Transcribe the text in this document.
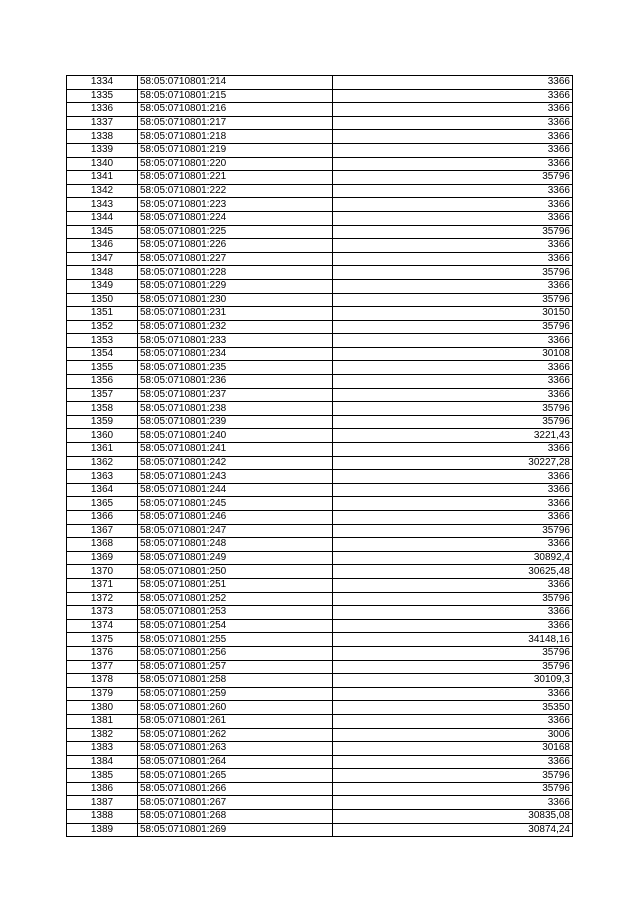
1334	58:05:0710801:214	3366
1335	58:05:0710801:215	3366
1336	58:05:0710801:216	3366
1337	58:05:0710801:217	3366
1338	58:05:0710801:218	3366
1339	58:05:0710801:219	3366
1340	58:05:0710801:220	3366
1341	58:05:0710801:221	35796
1342	58:05:0710801:222	3366
1343	58:05:0710801:223	3366
1344	58:05:0710801:224	3366
1345	58:05:0710801:225	35796
1346	58:05:0710801:226	3366
1347	58:05:0710801:227	3366
1348	58:05:0710801:228	35796
1349	58:05:0710801:229	3366
1350	58:05:0710801:230	35796
1351	58:05:0710801:231	30150
1352	58:05:0710801:232	35796
1353	58:05:0710801:233	3366
1354	58:05:0710801:234	30108
1355	58:05:0710801:235	3366
1356	58:05:0710801:236	3366
1357	58:05:0710801:237	3366
1358	58:05:0710801:238	35796
1359	58:05:0710801:239	35796
1360	58:05:0710801:240	3221,43
1361	58:05:0710801:241	3366
1362	58:05:0710801:242	30227,28
1363	58:05:0710801:243	3366
1364	58:05:0710801:244	3366
1365	58:05:0710801:245	3366
1366	58:05:0710801:246	3366
1367	58:05:0710801:247	35796
1368	58:05:0710801:248	3366
1369	58:05:0710801:249	30892,4
1370	58:05:0710801:250	30625,48
1371	58:05:0710801:251	3366
1372	58:05:0710801:252	35796
1373	58:05:0710801:253	3366
1374	58:05:0710801:254	3366
1375	58:05:0710801:255	34148,16
1376	58:05:0710801:256	35796
1377	58:05:0710801:257	35796
1378	58:05:0710801:258	30109,3
1379	58:05:0710801:259	3366
1380	58:05:0710801:260	35350
1381	58:05:0710801:261	3366
1382	58:05:0710801:262	3006
1383	58:05:0710801:263	30168
1384	58:05:0710801:264	3366
1385	58:05:0710801:265	35796
1386	58:05:0710801:266	35796
1387	58:05:0710801:267	3366
1388	58:05:0710801:268	30835,08
1389	58:05:0710801:269	30874,24
